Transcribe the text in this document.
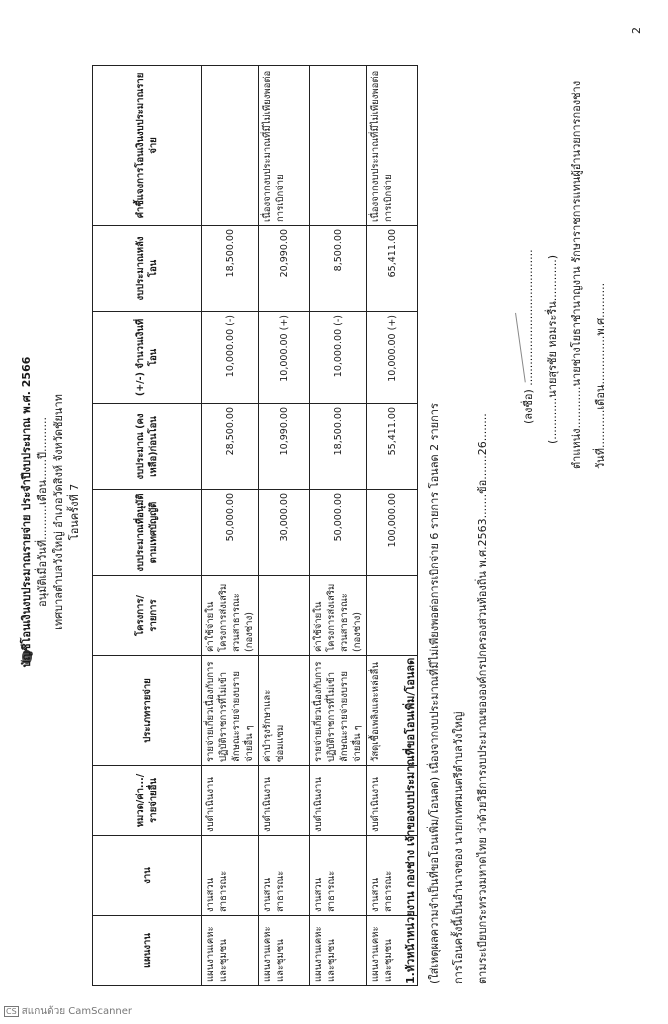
บัญชีโอนเงินงบประมาณรายจ่าย ประจำปีงบประมาณ พ.ศ. 2566 อนุมัติเมื่อวันที่..........เดือน......ปี.......... เทศบาลตำบลวังใหญ่ อำเภอวัดสิงห์ จังหวัดชัยนาท โอนครั้งที่ 7
แผนงาน	งาน	หมวด/ค่า.../รายจ่ายอื่น	ประเภทรายจ่าย	โครงการ/รายการ	งบประมาณที่อนุมัติตามเทศบัญญัติ	งบประมาณ (คงเหลือ)ก่อนโอน	(+/-) จำนวนเงินที่โอน	งบประมาณหลังโอน	คำชี้แจงการโอนเงินงบประมาณรายจ่าย
แผนงานเคหะและชุมชน	งานสวนสาธารณะ	งบดำเนินงาน	รายจ่ายเกี่ยวเนื่องกับการปฏิบัติราชการที่ไม่เข้าลักษณะรายจ่ายงบรายจ่ายอื่น ๆ	ค่าใช้จ่ายในโครงการส่งเสริมสวนสาธารณะ (กองช่าง)	50,000.00	28,500.00	10,000.00 (-)	18,500.00	
แผนงานเคหะและชุมชน	งานสวนสาธารณะ	งบดำเนินงาน	ค่าบำรุงรักษาและซ่อมแซม		30,000.00	10,990.00	10,000.00 (+)	20,990.00	เนื่องจากงบประมาณที่มีไม่เพียงพอต่อการเบิกจ่าย
แผนงานเคหะและชุมชน	งานสวนสาธารณะ	งบดำเนินงาน	รายจ่ายเกี่ยวเนื่องกับการปฏิบัติราชการที่ไม่เข้าลักษณะรายจ่ายงบรายจ่ายอื่น ๆ	ค่าใช้จ่ายในโครงการส่งเสริมสวนสาธารณะ (กองช่าง)	50,000.00	18,500.00	10,000.00 (-)	8,500.00	
แผนงานเคหะและชุมชน	งานสวนสาธารณะ	งบดำเนินงาน	วัสดุเชื้อเพลิงและหล่อลื่น		100,000.00	55,411.00	10,000.00 (+)	65,411.00	เนื่องจากงบประมาณที่มีไม่เพียงพอต่อการเบิกจ่าย
1.หัวหน้าหน่วยงาน กองช่าง เจ้าของงบประมาณที่ขอโอนเพิ่ม/โอนลด (ใส่เหตุผลความจำเป็นที่ขอโอนเพิ่ม/โอนลด) เนื่องจากงบประมาณที่มีไม่เพียงพอต่อการเบิกจ่าย 6 รายการ โอนลด 2 รายการ การโอนครั้งนี้เป็นอำนาจของ นายกเทศมนตรีตำบลวังใหญ่ ตามระเบียบกระทรวงมหาดไทย ว่าด้วยวิธีการงบประมาณขององค์กรปกครองส่วนท้องถิ่น พ.ศ.2563.......ข้อ.......26........
(ลงชื่อ) ....................................... (............นายสุรชัย หอมระรื่น............) ตำแหน่ง............นายช่างโยธาชำนาญงาน รักษาราชการแทนผู้อำนวยการกองช่าง วันที่...........เดือน..............พ.ศ..........
2
CS สแกนด้วย CamScanner
